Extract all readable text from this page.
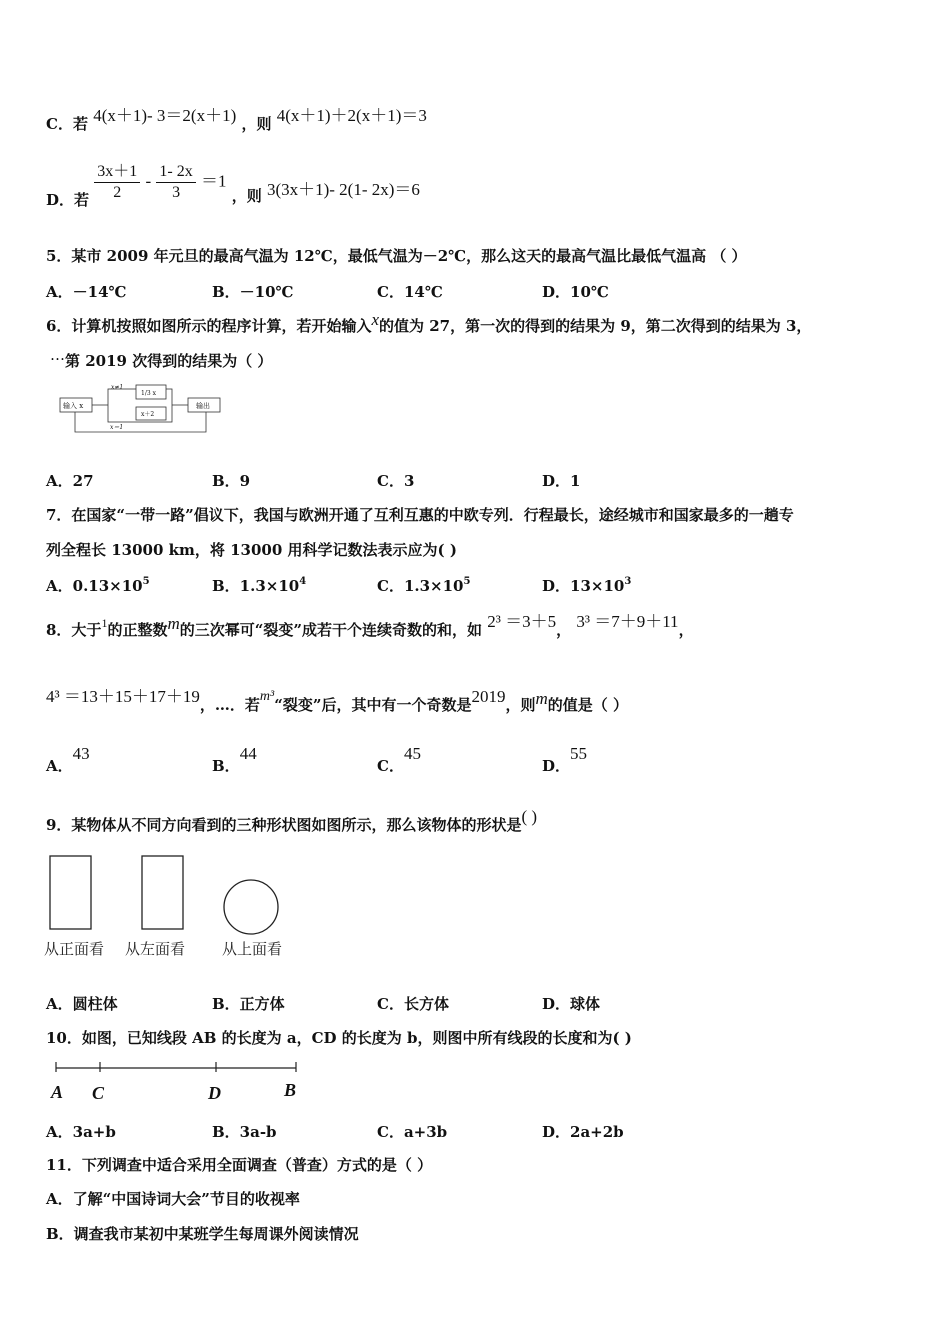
C．若 4(x＋1)- 3＝2(x＋1) ，则 4(x＋1)＋2(x＋1)＝3
D．若 $\frac{3x+1}{2} - \frac{1- 2x}{3} =1$ ，则 3(3x＋1)- 2(1- 2x)＝6
5．某市 2009 年元旦的最高气温为 12℃，最低气温为－2℃，那么这天的最高气温比最低气温高 （ ）
A．－14℃	B．－10℃	C．14℃	D．10℃
6．计算机按照如图所示的程序计算，若开始输入x的值为 27，第一次的得到的结果为 9，第二次得到的结果为 3，
…第 2019 次得到的结果为（ ）
输入 x
x≠1
1/3 x
x＋2
输出
x＝1
A．27	B．9	C．3	D．1
7．在国家“一带一路”倡议下，我国与欧洲开通了互利互惠的中欧专列．行程最长，途经城市和国家最多的一趟专
列全程长 13000 km，将 13000 用科学记数法表示应为( )
A．$0.13\times 10^5$	B．$1.3\times 10^4$	C．$1.3\times 10^5$	D．$13\times 10^3$
8．大于$^1$的正整数m的三次幂可“裂变”成若干个连续奇数的和，如 2³ ＝3＋5， 3³ ＝7＋9＋11，
4³ ＝13＋15＋17＋19，…．若m³“裂变”后，其中有一个奇数是2019，则m的值是（ ）
A．43
B．44
C．45
D．55
9．某物体从不同方向看到的三种形状图如图所示，那么该物体的形状是( )
从正面看 从左面看 从上面看
A．圆柱体	B．正方体	C．长方体	D．球体
10．如图，已知线段 AB 的长度为 a，CD 的长度为 b，则图中所有线段的长度和为( )
A C	D	B
A．3a+b	B．3a-b	C．a+3b	D．2a+2b
11．下列调查中适合采用全面调查（普查）方式的是（ ）
A．了解“中国诗词大会”节目的收视率
B．调查我市某初中某班学生每周课外阅读情况
